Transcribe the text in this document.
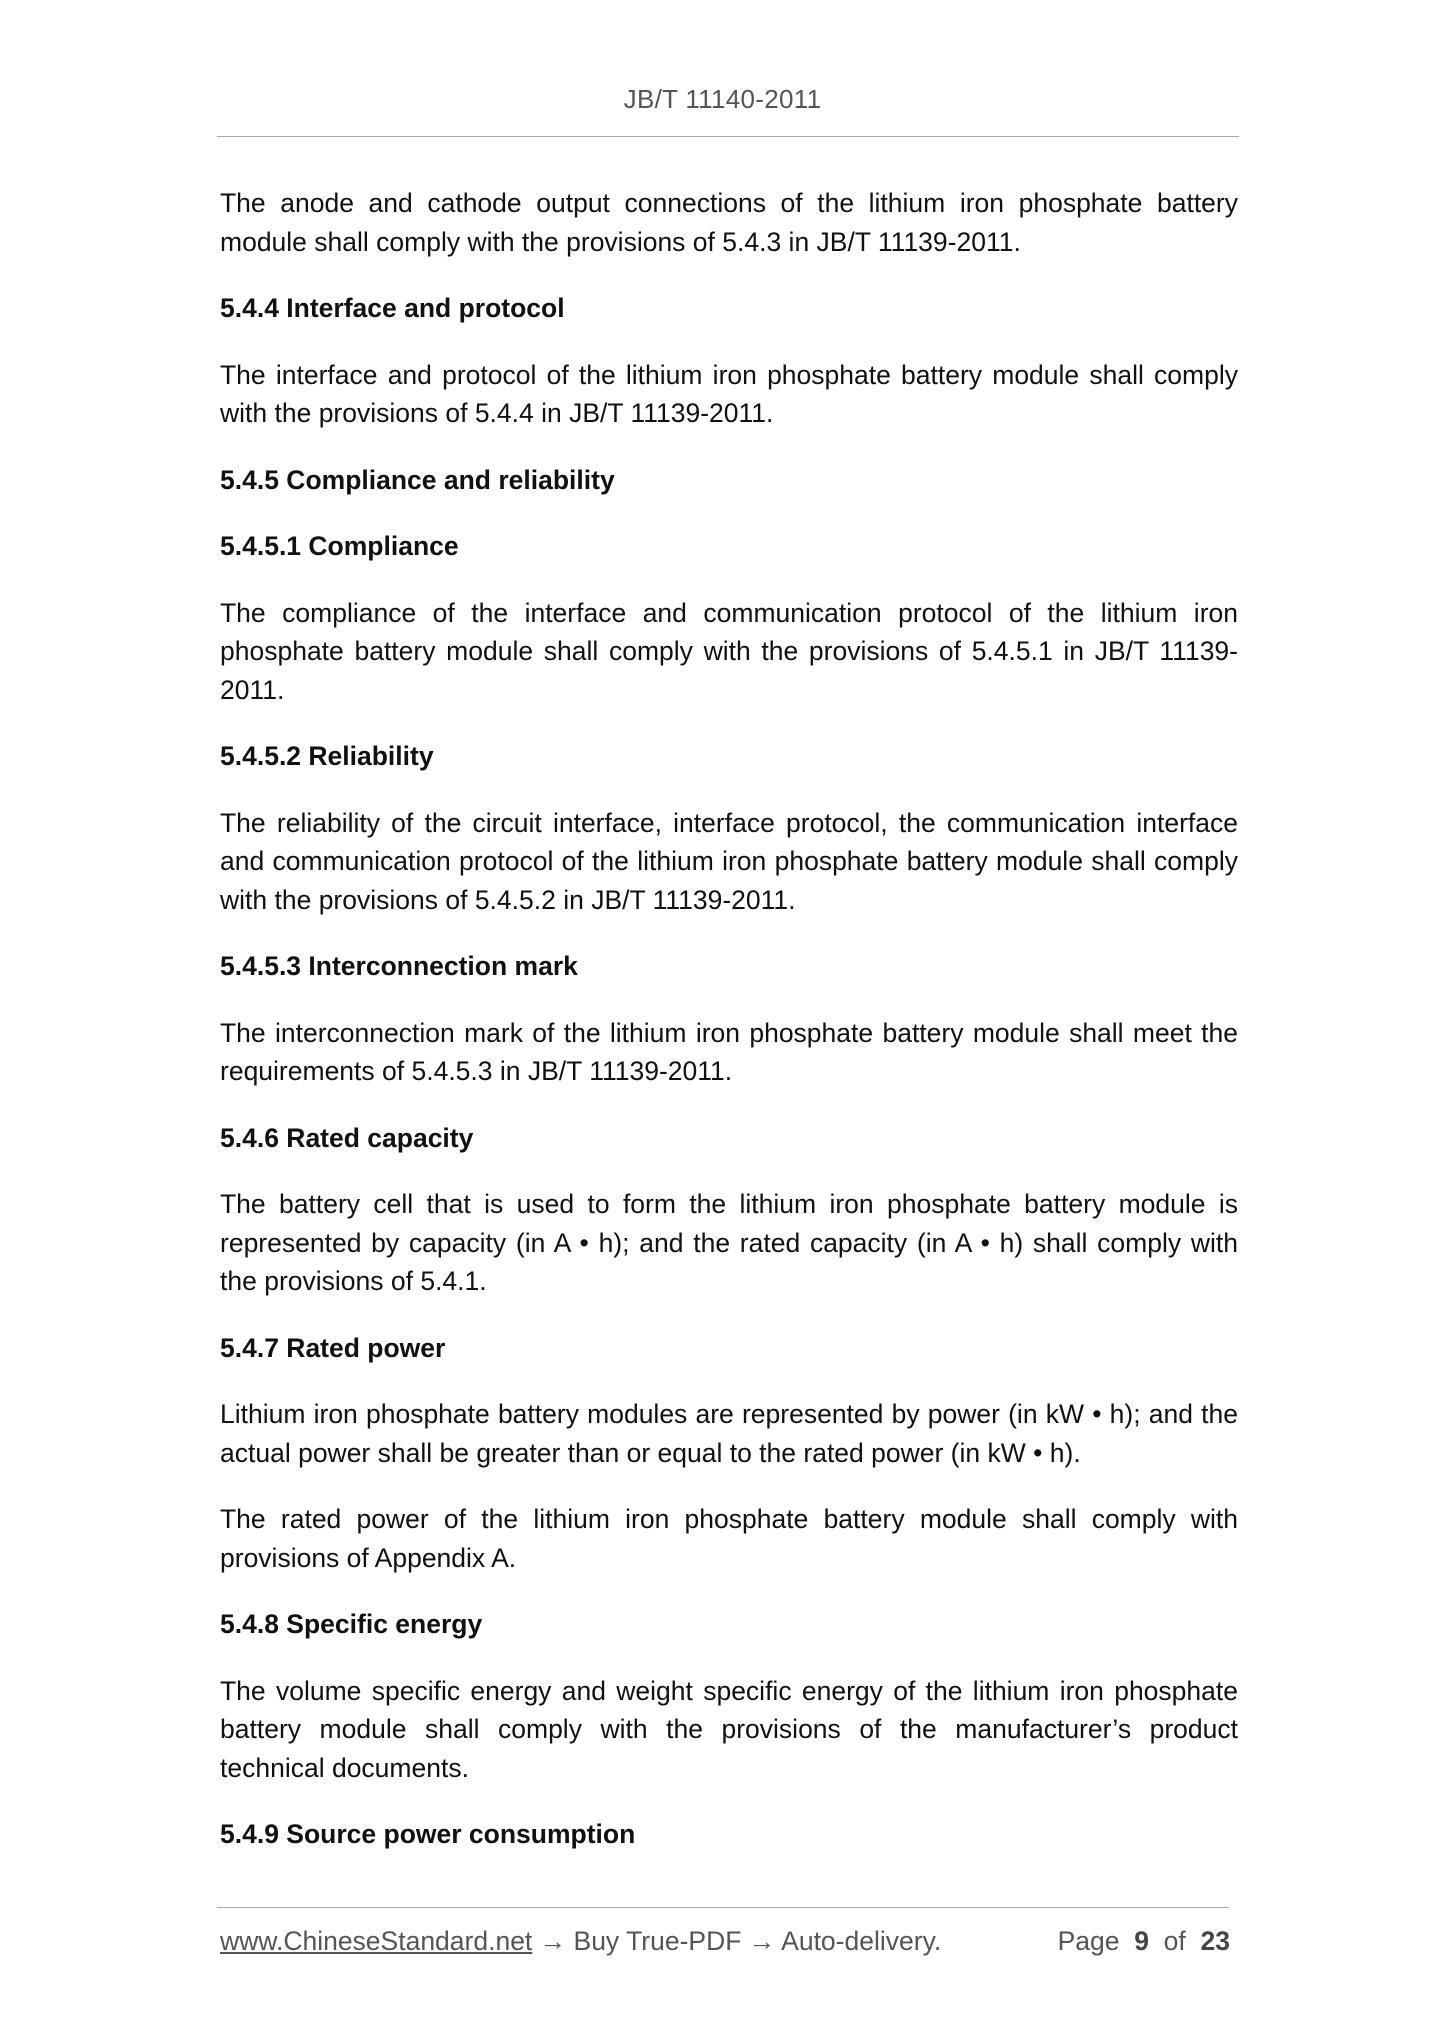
JB/T 11140-2011

The anode and cathode output connections of the lithium iron phosphate battery module shall comply with the provisions of 5.4.3 in JB/T 11139-2011.

5.4.4 Interface and protocol

The interface and protocol of the lithium iron phosphate battery module shall comply with the provisions of 5.4.4 in JB/T 11139-2011.

5.4.5 Compliance and reliability
5.4.5.1 Compliance

The compliance of the interface and communication protocol of the lithium iron phosphate battery module shall comply with the provisions of 5.4.5.1 in JB/T 11139-2011.

5.4.5.2 Reliability

The reliability of the circuit interface, interface protocol, the communication interface and communication protocol of the lithium iron phosphate battery module shall comply with the provisions of 5.4.5.2 in JB/T 11139-2011.

5.4.5.3 Interconnection mark

The interconnection mark of the lithium iron phosphate battery module shall meet the requirements of 5.4.5.3 in JB/T 11139-2011.

5.4.6 Rated capacity

The battery cell that is used to form the lithium iron phosphate battery module is represented by capacity (in A • h); and the rated capacity (in A • h) shall comply with the provisions of 5.4.1.

5.4.7 Rated power

Lithium iron phosphate battery modules are represented by power (in kW • h); and the actual power shall be greater than or equal to the rated power (in kW • h).

The rated power of the lithium iron phosphate battery module shall comply with provisions of Appendix A.

5.4.8 Specific energy

The volume specific energy and weight specific energy of the lithium iron phosphate battery module shall comply with the provisions of the manufacturer’s product technical documents.

5.4.9 Source power consumption
www.ChineseStandard.net → Buy True-PDF → Auto-delivery.	Page 9 of 23
